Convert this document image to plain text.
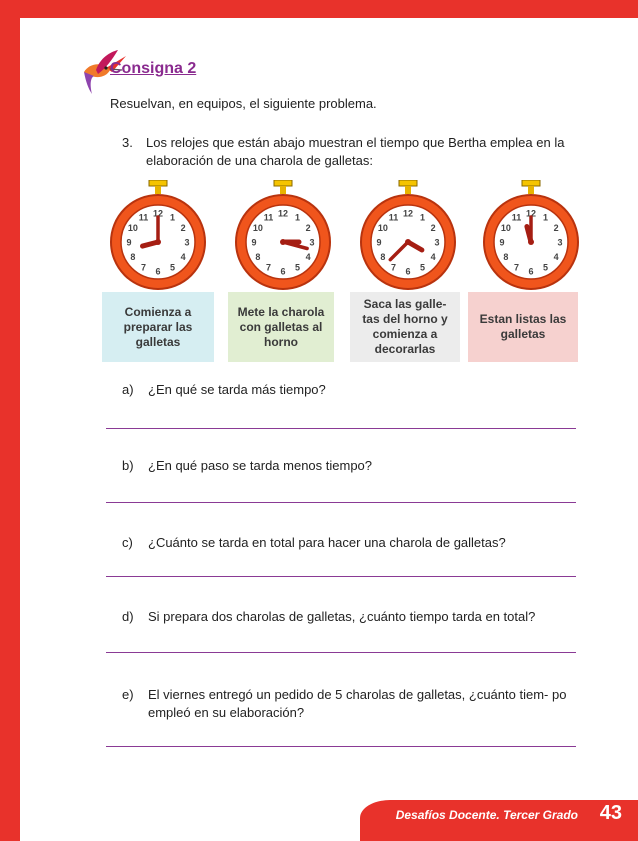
Consigna 2
Resuelvan, en equipos, el siguiente problema.
3.	Los relojes que están abajo muestran el tiempo que Bertha emplea en la elaboración de una charola de galletas:
12 1
2
3
4
5
6
7
8
9
10
11	12 1
2
3
4
5
6
7
8
9
10
11	12 1
2
3
4
5
6
7
8
9
10
11	12 1
2
3
4
5
6
7
8
9
10
11
Comienza a preparar las galletas
Mete la charola con galletas al horno
Saca las galle- tas del horno y comienza a decorarlas
Estan listas las galletas
a)	¿En qué se tarda más tiempo?
b)	¿En qué paso se tarda menos tiempo?
c)	¿Cuánto se tarda en total para hacer una charola de galletas?
d)	Si prepara dos charolas de galletas, ¿cuánto tiempo tarda en total?
e)	El viernes entregó un pedido de 5 charolas de galletas, ¿cuánto tiem- po empleó en su elaboración?
Desafíos Docente. Tercer Grado 43
